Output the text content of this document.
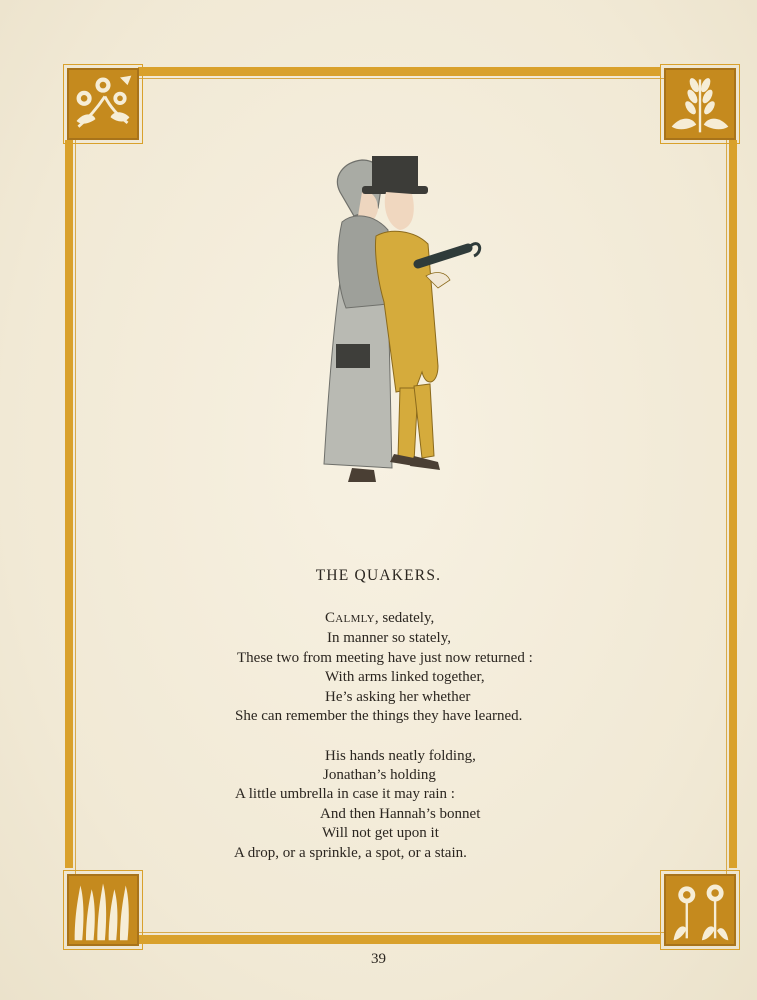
THE QUAKERS.
Calmly, sedately,
In manner so stately,
These two from meeting have just now returned :
With arms linked together,
He’s asking her whether
She can remember the things they have learned.
His hands neatly folding,
Jonathan’s holding
A little umbrella in case it may rain :
And then Hannah’s bonnet
Will not get upon it
A drop, or a sprinkle, a spot, or a stain.
39
